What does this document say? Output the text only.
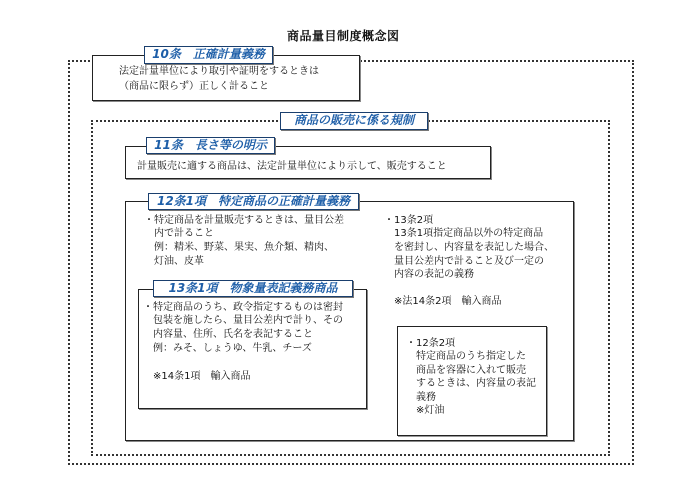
商品量目制度概念図
法定計量単位により取引や証明をするときは
（商品に限らず）正しく計ること
10条　正確計量義務
商品の販売に係る規制
計量販売に適する商品は、法定計量単位により示して、販売すること
11条　長さ等の明示
・特定商品を計量販売するときは、量目公差
　内で計ること
　例：精米、野菜、果実、魚介類、精肉、
　灯油、皮革
・13条2項
　13条1項指定商品以外の特定商品
　を密封し、内容量を表記した場合、
　量目公差内で計ること及び一定の
　内容の表記の義務
　※法14条2項　輸入商品
12条1項　特定商品の正確計量義務
・特定商品のうち、政令指定するものは密封
　包装を施したら、量目公差内で計り、その
　内容量、住所、氏名を表記すること
　例：みそ、しょうゆ、牛乳、チーズ
　※14条1項　輸入商品
13条1項　物象量表記義務商品
・12条2項
　特定商品のうち指定した
　商品を容器に入れて販売
　するときは、内容量の表記
　義務
　※灯油
